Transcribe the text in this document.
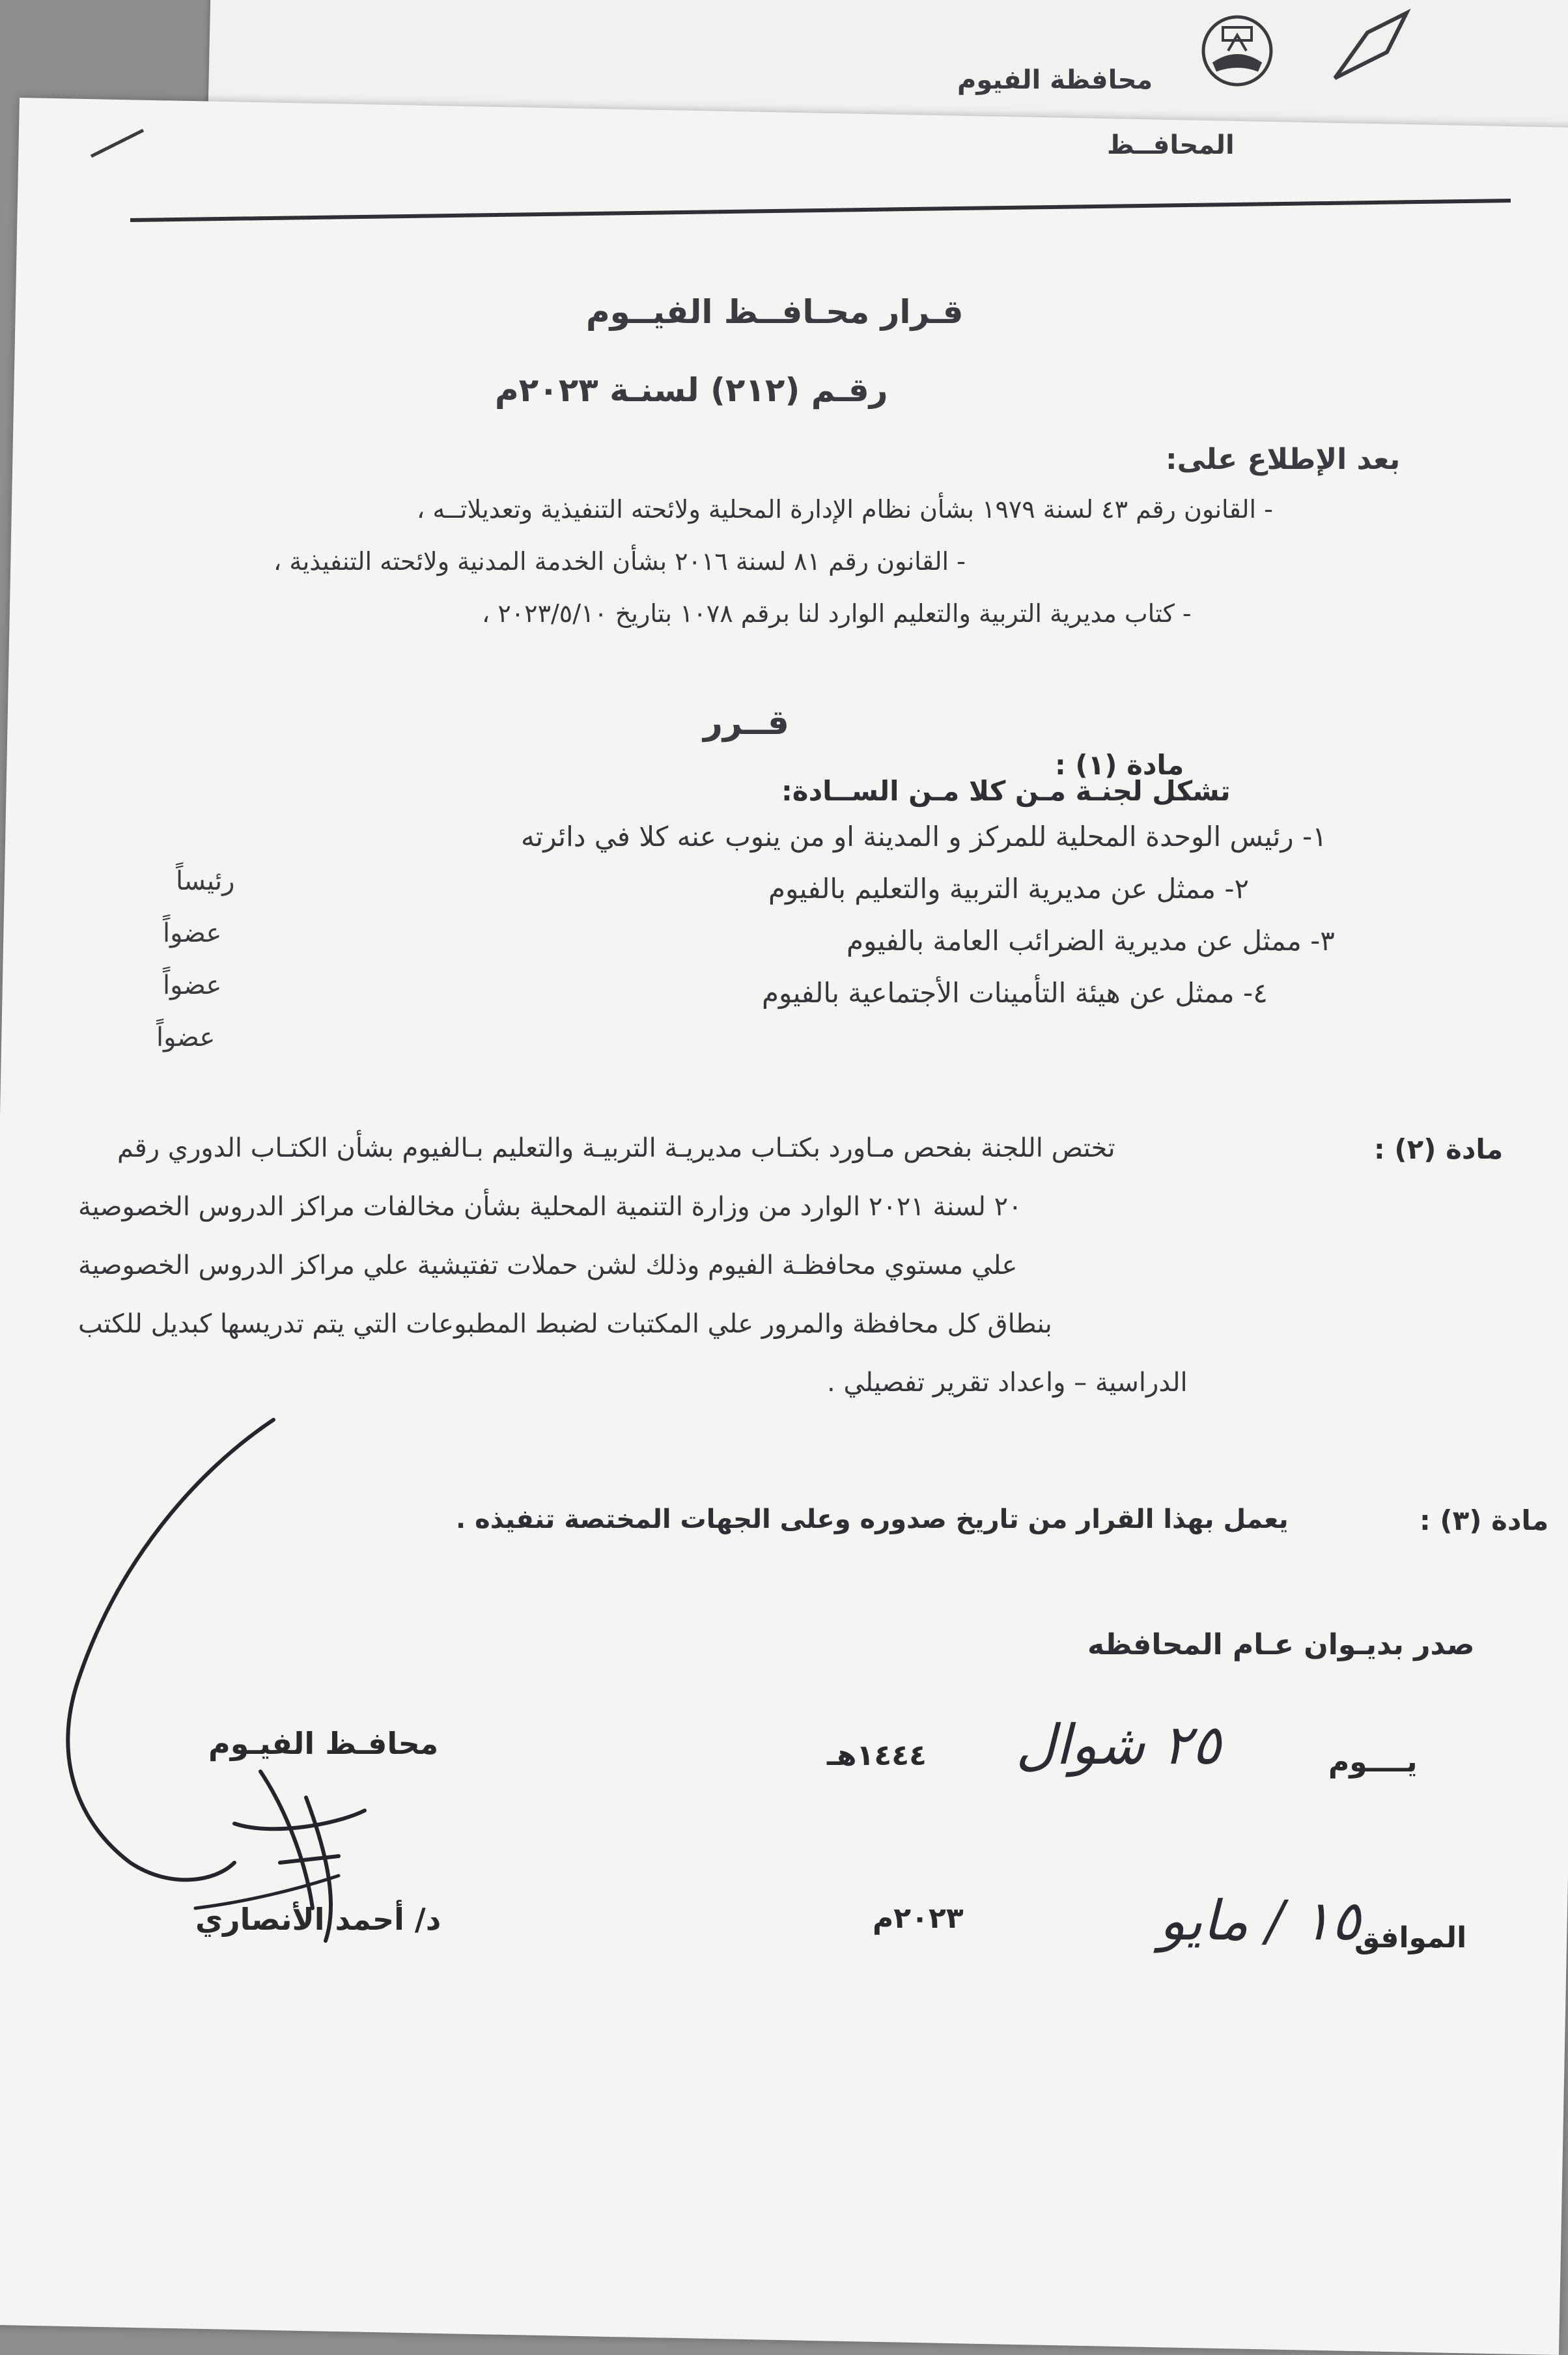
محافظة الفيوم
المحافــظ
قـرار محـافــظ الفيــوم
رقـم (٢١٢) لسنـة ٢٠٢٣م
بعد الإطلاع على:
- القانون رقم ٤٣ لسنة ١٩٧٩ بشأن نظام الإدارة المحلية ولائحته التنفيذية وتعديلاتــه ،
- القانون رقم ٨١ لسنة ٢٠١٦ بشأن الخدمة المدنية ولائحته التنفيذية ،
- كتاب مديرية التربية والتعليم الوارد لنا برقم ١٠٧٨ بتاريخ ٢٠٢٣/٥/١٠ ،
قــرر
مادة (١) :
تشكل لجنـة مـن كلا مـن الســادة:
١- رئيس الوحدة المحلية للمركز و المدينة او من ينوب عنه كلا في دائرته
٢- ممثل عن مديرية التربية والتعليم بالفيوم
٣- ممثل عن مديرية الضرائب العامة بالفيوم
٤- ممثل عن هيئة التأمينات الأجتماعية بالفيوم
رئيساً
عضواً
عضواً
عضواً
مادة (٢) :
تختص اللجنة بفحص مـاورد بكتـاب مديريـة التربيـة والتعليم بـالفيوم بشأن الكتـاب الدوري رقم
٢٠ لسنة ٢٠٢١ الوارد من وزارة التنمية المحلية بشأن مخالفات مراكز الدروس الخصوصية
علي مستوي محافظـة الفيوم وذلك لشن حملات تفتيشية علي مراكز الدروس الخصوصية
بنطاق كل محافظة والمرور علي المكتبات لضبط المطبوعات التي يتم تدريسها كبديل للكتب
الدراسية – واعداد تقرير تفصيلي .
مادة (٣) :
يعمل بهذا القرار من تاريخ صدوره وعلى الجهات المختصة تنفيذه .
صدر بديـوان عـام المحافظه
يــــوم
٢٥ شوال
١٤٤٤هـ
الموافق
١٥ / مايو
٢٠٢٣م
محافـظ الفيـوم
د/ أحمد الأنصاري
